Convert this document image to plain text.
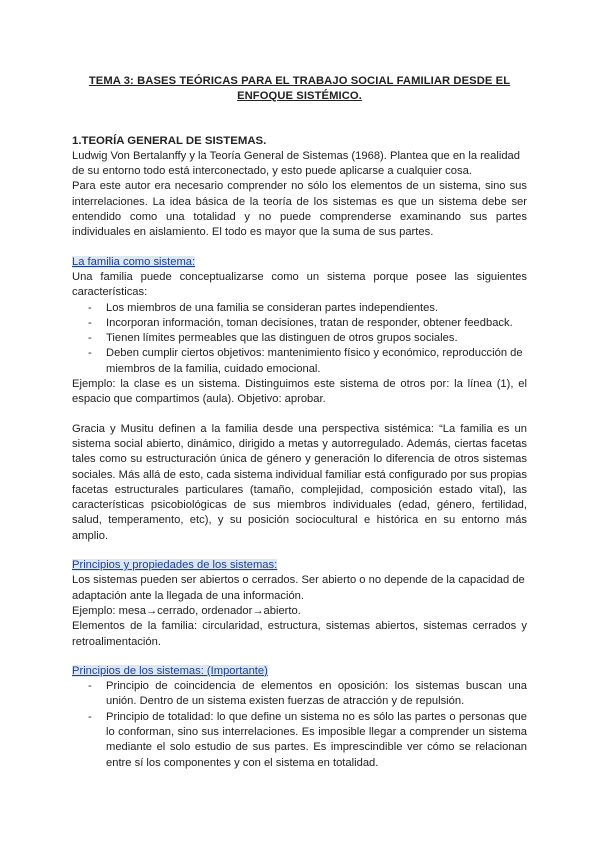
TEMA 3: BASES TEÓRICAS PARA EL TRABAJO SOCIAL FAMILIAR DESDE EL ENFOQUE SISTÉMICO.
1.TEORÍA GENERAL DE SISTEMAS.

Ludwig Von Bertalanffy y la Teoría General de Sistemas (1968). Plantea que en la realidad de su entorno todo está interconectado, y esto puede aplicarse a cualquier cosa.

Para este autor era necesario comprender no sólo los elementos de un sistema, sino sus interrelaciones. La idea básica de la teoría de los sistemas es que un sistema debe ser entendido como una totalidad y no puede comprenderse examinando sus partes individuales en aislamiento. El todo es mayor que la suma de sus partes.

La familia como sistema:

Una familia puede conceptualizarse como un sistema porque posee las siguientes características:

- Los miembros de una familia se consideran partes independientes.
- Incorporan información, toman decisiones, tratan de responder, obtener feedback.
- Tienen límites permeables que las distinguen de otros grupos sociales.
- Deben cumplir ciertos objetivos: mantenimiento físico y económico, reproducción de miembros de la familia, cuidado emocional.

Ejemplo: la clase es un sistema. Distinguimos este sistema de otros por: la línea (1), el espacio que compartimos (aula). Objetivo: aprobar.

Gracia y Musitu definen a la familia desde una perspectiva sistémica: “La familia es un sistema social abierto, dinámico, dirigido a metas y autorregulado. Además, ciertas facetas tales como su estructuración única de género y generación lo diferencia de otros sistemas sociales. Más allá de esto, cada sistema individual familiar está configurado por sus propias facetas estructurales particulares (tamaño, complejidad, composición estado vital), las características psicobiológicas de sus miembros individuales (edad, género, fertilidad, salud, temperamento, etc), y su posición sociocultural e histórica en su entorno más amplio.

Principios y propiedades de los sistemas:

Los sistemas pueden ser abiertos o cerrados. Ser abierto o no depende de la capacidad de adaptación ante la llegada de una información.

Ejemplo: mesa→cerrado, ordenador→abierto.

Elementos de la familia: circularidad, estructura, sistemas abiertos, sistemas cerrados y retroalimentación.

Principios de los sistemas: (Importante)

- Principio de coincidencia de elementos en oposición: los sistemas buscan una unión. Dentro de un sistema existen fuerzas de atracción y de repulsión.
- Principio de totalidad: lo que define un sistema no es sólo las partes o personas que lo conforman, sino sus interrelaciones. Es imposible llegar a comprender un sistema mediante el solo estudio de sus partes. Es imprescindible ver cómo se relacionan entre sí los componentes y con el sistema en totalidad.
